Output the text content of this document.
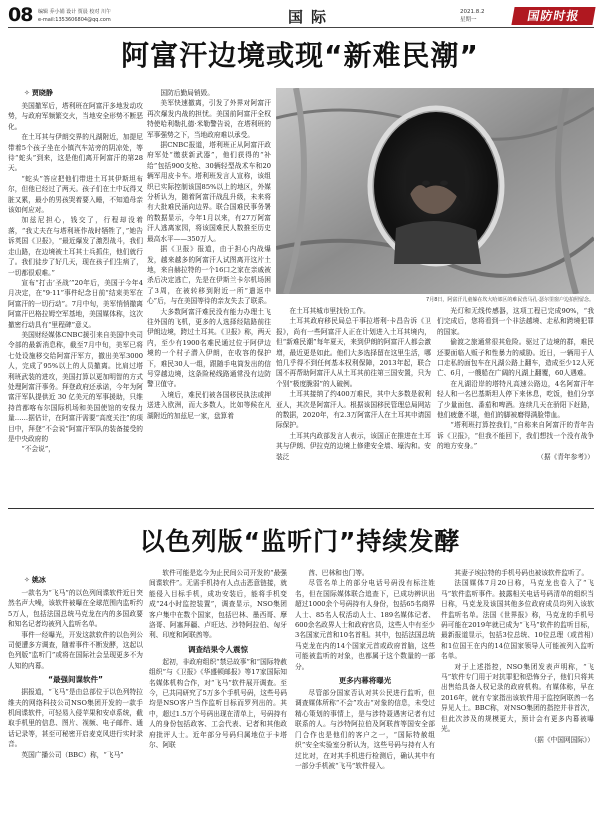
08 编辑 乔小娟 设计 贾晨 校对 川午
e-mail:1353606804@qq.com	国际	2021.8.2
星期一	国防时报
阿富汗边境或现“新难民潮”
✧ 贾晓静

美国撤军后，塔利班在阿富汗多地发动攻势，与政府军频繁交火，当地安全形势不断恶化。

在土耳其与伊朗交界的凡湖附近，加提尼带着5个孩子坐在小镇汽车站旁的阴凉处，等待“蛇头”到来，这是他们离开阿富汗的第28天。

“蛇头”答应把他们带进土耳其伊斯坦布尔，但他已经过了两天。孩子们在土中玩得又脏又累，最小的男孩哭着要入睡，不知道母亲该如何应对。

加兹尼担心，钱交了，行程却没着落，“我丈夫在与塔利班作战时牺牲了，”她告诉英国《卫报》，“最近爆发了激烈战斗，我们走山路，在边境被土耳其士兵抓住，他们就行了。我们徒步了好几天，现在孩子们生病了，一切都很艰难。”

宣布“打击‘圣战’”20年后，美国于今年4月决定，在“9·11”事件纪念日前“结束美军在阿富汗的一切行动”。7月中旬，美军悄悄撤离阿富汗巴格拉姆空军基地，美国媒体称，这次撤密行动具有“里程碑”意义。

美国财经媒体CNBC援引来自美国中央司令部的最新消息称，截至7月中旬，美军已将七处设施移交给阿富汗军方，撤出美军3000人，完成了95%以上的人员撤离。比肩过塔利班武装的进攻，美国打算以更加明智的方式处理阿富汗事务。拜登政府还承诺，今年为阿富汗军队提供近 30 亿美元的军事援助，只维持首都喀布尔国际机场和美国使馆的安保力量……据估计，在阿富汗需要“高度关注”的项目中，拜登“不会说”阿富汗军队的装备接受的是中央政府的

“不会说”，

国防后勤局销毁。

美军快速撤离，引发了外界对阿富汗再次爆发内战的担忧。美国前阿富汗全权特使哈利勒扎德·米勒警告说，在塔利班的军事强势之下，当地政府难以承受。

据CNBC报道，塔利班正从阿富汗政府军处“缴获新武器”，他们获得的“补给”包括900支枪、30辆轻型战术车和20辆军用皮卡车。塔利班发言人宣称，该组织已实际控制该国85%以上的地区，外媒分析认为，随着阿富汗战乱升级，未来将有大批难民涌向边界。联合国难民事务署的数据显示，今年1月以来，有27万阿富汗人逃离家园，将该国难民人数推至历史最高水平——350万人。

据《卫报》报道，由于担心内战爆发，越来越多的阿富汗人试图离开这片土地，来自赫拉特的一个16口之家在亲戚被杀后决定逃亡，先是在伊斯兰卡尔机场困了3周，在被转移到附近一所“遣返中心”后，与在美国等待的亲友失去了联系。

大多数阿富汗难民没有能力办理土飞往外国的飞机，更多的人选择经陆路前往伊朗边境，跨过土耳其。《卫报》称，两天内，至少有1900名难民通过位于阿伊边境的一个村子潜入伊朗，在收容的保护下，难民30人一组，跟随手电筒发出的信号穿越边境，这条险秘线路通常没有边防警卫值守。

入境后，难民们被各国移民执法或押送进入欧洲，而大多数人，比如等候在凡湖附近的加兹尼一家，盘算着

7月8日，阿富汗儿童躲在坎大哈郊区的难民营马孔·瑟尔里窗户边拍照留念。

在土耳其城市里找份工作。

土耳其政府移民局总干事拉塔利·卡昌告诉《卫报》，尚有一些阿富汗人正在计划进入土耳其境内，但“新难民潮”每年夏天，来到伊朗的阿富汗人都会激增，最近更是如此。他们大多选择留在这里生活，哪怕几乎得不到任何基本权利保障，2013年起，联合国不再帮助阿富汗人从土耳其前往第三国安置，只为个别“极度脆弱”的人破例。

土耳其接纳了约400万难民，其中大多数是叙利亚人，其次是阿富汗人。根据该国移民管理总局网站的数据，2020年，有2.3万阿富汗人在土耳其申请国际保护。

土耳其内政部发言人表示，该国正在推进在土耳其与伊朗、伊拉克的边境上修建安全墙、壕沟和。安装泛

光灯和无线传感器，这项工程已完成90%，“我们完成后，您将看到一个非法越境、走私和跨境犯罪的国家。

偷渡之旅通常很其危险。驱过了边境的群，难民还要面临人贩子和性暴力的威胁。近日，一辆用于人口走私的面包车在凡湖公路上翻车，造成至少12人死亡、6月，一艘船在广阔的凡湖上翻覆，60人遇难。

在凡湖沿岸的塔特凡高速公路边，4名阿富汗年轻人和一名巴基斯坦人停下来休息，吃饭，他们分享了少量面包、番茄和啤酒。连续几天在骄阳下赶路，他们疲惫不堪，他们的脚被磨得满脸带血。

“塔利班打算控我们，”自称来自阿富汗的青年告诉《卫报》，“但我不能回下，我们想找一个没有战争的地方安身。”

（据《青年参考》）

以色列版“监听门”持续发酵
✧ 姚冰

一款名为“飞马”的以色列间谍软件近日突然名声大噪，该软件被曝在全球范围内监听约5万人，包括法国总统马克龙在内的多国政要和知名记者均被列入监听名单。

事件一经曝光，开发这款软件的以色列公司便遭多方调查，随着事件不断发酵，这起以色列版“监听门”或将在国际社会呈现更多不为人知的内幕。

“最强间谍软件”

据报道，“飞马”是由总部位于以色列特拉维夫的网络科技公司NSO集团开发的一款手机间谍软件，可轻易入侵苹果和安卓系统，截取手机里的信息、图片、视频、电子邮件、通话记录等，甚至可秘密开启麦克风进行实时录音。

英国广播公司（BBC）称，“飞马”

软件可能是迄今为止民间公司开发的“最强间谍软件”。无需手机持有人点击恶意链接，就能侵入目标手机，成功安装后，能将手机变成“24小时监控装置”，调查显示，NSO集团客户集中在数个国家，包括巴林、墨西哥、摩洛哥、阿塞拜疆、卢旺达、沙特阿拉伯、匈牙利、印度和阿联酋等。

调查结果令人震惊

起初，非政府组织“禁忌故事”和“国际特赦组织”与《卫报》《华盛顿邮报》等17家国际知名媒体机构合作，对“飞马”软件展开调查。至今，已共同研究了5万多个手机号码，这些号码均是NSO客户当作监听目标而罗列出的。其中，超过1.5万个号码出现在清单上，号码持有人的身份包括政客、工会代表、记者和其他政府批评人士。近年部分号码归属地位于卡塔尔、阿联

酋、巴林和也门等。

尽管名单上的部分电话号码没有标注姓名，但在国际媒体联合追查下，已成功辨识出超过1000余个号码持有人身份，包括65名商界人士、85名人权活动人士、189名媒体记者、600余名政界人士和政府官员，这些人中有至少3名国家元首和10名首相。其中，包括法国总统马克龙在内的14个国家元首或政府首脑，这些可能被监听的对象，也都属于这个数量的一部分。

更多内幕将曝光

尽管部分国家否认对其公民进行监听，但调查媒体所称“不会”攻击“对象的信息，未受过精心策划的事情上，是与涉特聂遇害记者有过联系的人。与沙特阿拉伯及阿联酋等国安全部门合作也是他们的客户之一，“国际特赦组织”安全实验室分析认为，这些号码与持有人有过比对，在对其手机进行检测后，确认其中有一部分手机被“飞马”软件侵入。

其妻子埃拉特的手机号码也被该软件监听了。

法国媒体7月20日称，马克龙也卷入了“飞马”软件监听事件。披露相关电话号码清单的组织当日称，马克龙及该国其他多位政府成员均列入该软件监听名单。法国《世界报》称，马克龙的手机号码可能在2019年就已成为“飞马”软件的监听目标，最新报道显示，包括3位总统、10位总理（或首相）和1位国王在内的14位国家领导人可能被列入监听名单。

对于上述指控，NSO集团发表声明称，“飞马”软件专门用于对抗罪犯和恐怖分子，他们只将其出售给具备人权记录的政府机构。有媒体称，早在2016年，就有专家指出该软件用于监控阿联酋一名异见人士。BBC称，对NSO集团的指控并非首次，但此次涉及的规模更大，预计会有更多内幕被曝光。

（据《中国网国际》）
